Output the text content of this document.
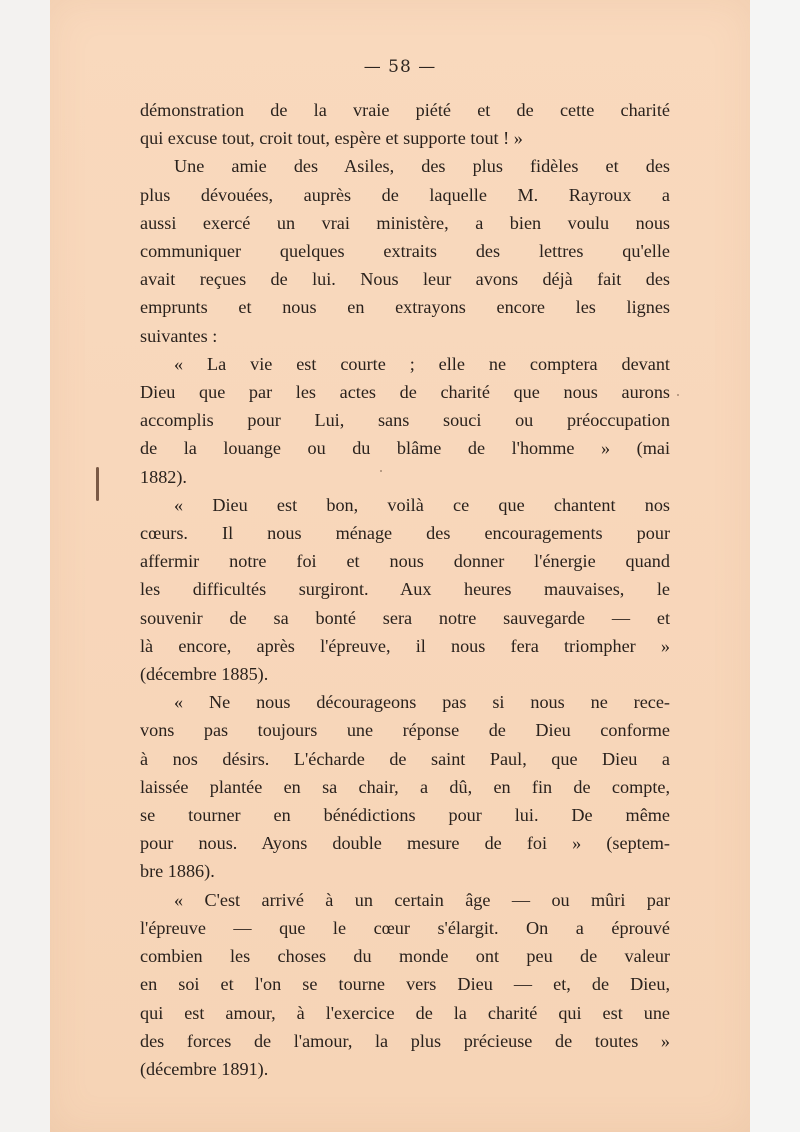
— 58 —
démonstration de la vraie piété et de cette charité
qui excuse tout, croit tout, espère et supporte tout ! »
Une amie des Asiles, des plus fidèles et des
plus dévouées, auprès de laquelle M. Rayroux a
aussi exercé un vrai ministère, a bien voulu nous
communiquer quelques extraits des lettres qu'elle
avait reçues de lui. Nous leur avons déjà fait des
emprunts et nous en extrayons encore les lignes
suivantes :
« La vie est courte ; elle ne comptera devant
Dieu que par les actes de charité que nous aurons
accomplis pour Lui, sans souci ou préoccupation
de la louange ou du blâme de l'homme » (mai
1882).
« Dieu est bon, voilà ce que chantent nos
cœurs. Il nous ménage des encouragements pour
affermir notre foi et nous donner l'énergie quand
les difficultés surgiront. Aux heures mauvaises, le
souvenir de sa bonté sera notre sauvegarde — et
là encore, après l'épreuve, il nous fera triompher »
(décembre 1885).
« Ne nous décourageons pas si nous ne rece-
vons pas toujours une réponse de Dieu conforme
à nos désirs. L'écharde de saint Paul, que Dieu a
laissée plantée en sa chair, a dû, en fin de compte,
se tourner en bénédictions pour lui. De même
pour nous. Ayons double mesure de foi » (septem-
bre 1886).
« C'est arrivé à un certain âge — ou mûri par
l'épreuve — que le cœur s'élargit. On a éprouvé
combien les choses du monde ont peu de valeur
en soi et l'on se tourne vers Dieu — et, de Dieu,
qui est amour, à l'exercice de la charité qui est une
des forces de l'amour, la plus précieuse de toutes »
(décembre 1891).
